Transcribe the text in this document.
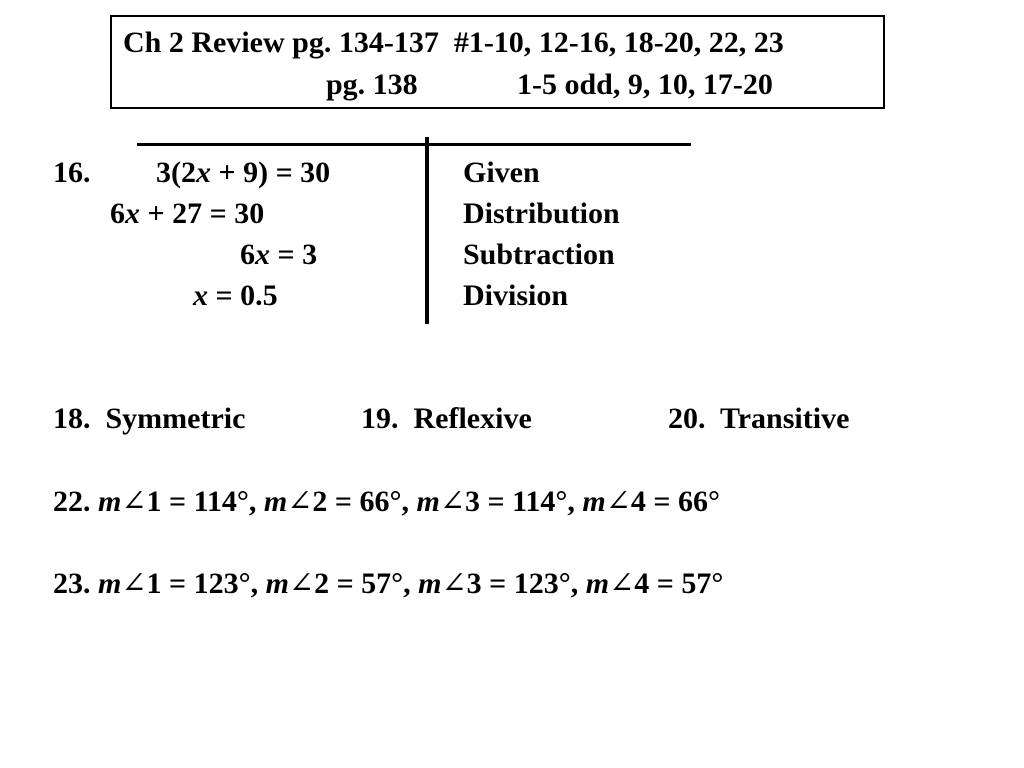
Ch 2 Review pg. 134-137  #1-10, 12-16, 18-20, 22, 23
pg. 138	1-5 odd, 9, 10, 17-20
16. 3(2x + 9) = 30	Given
6x + 27 = 30	Distribution
6x = 3	Subtraction
x = 0.5	Division
18.  Symmetric	19.  Reflexive	20.  Transitive
22. m∠1 = 114°, m∠2 = 66°, m∠3 = 114°, m∠4 = 66°
23. m∠1 = 123°, m∠2 = 57°, m∠3 = 123°, m∠4 = 57°
